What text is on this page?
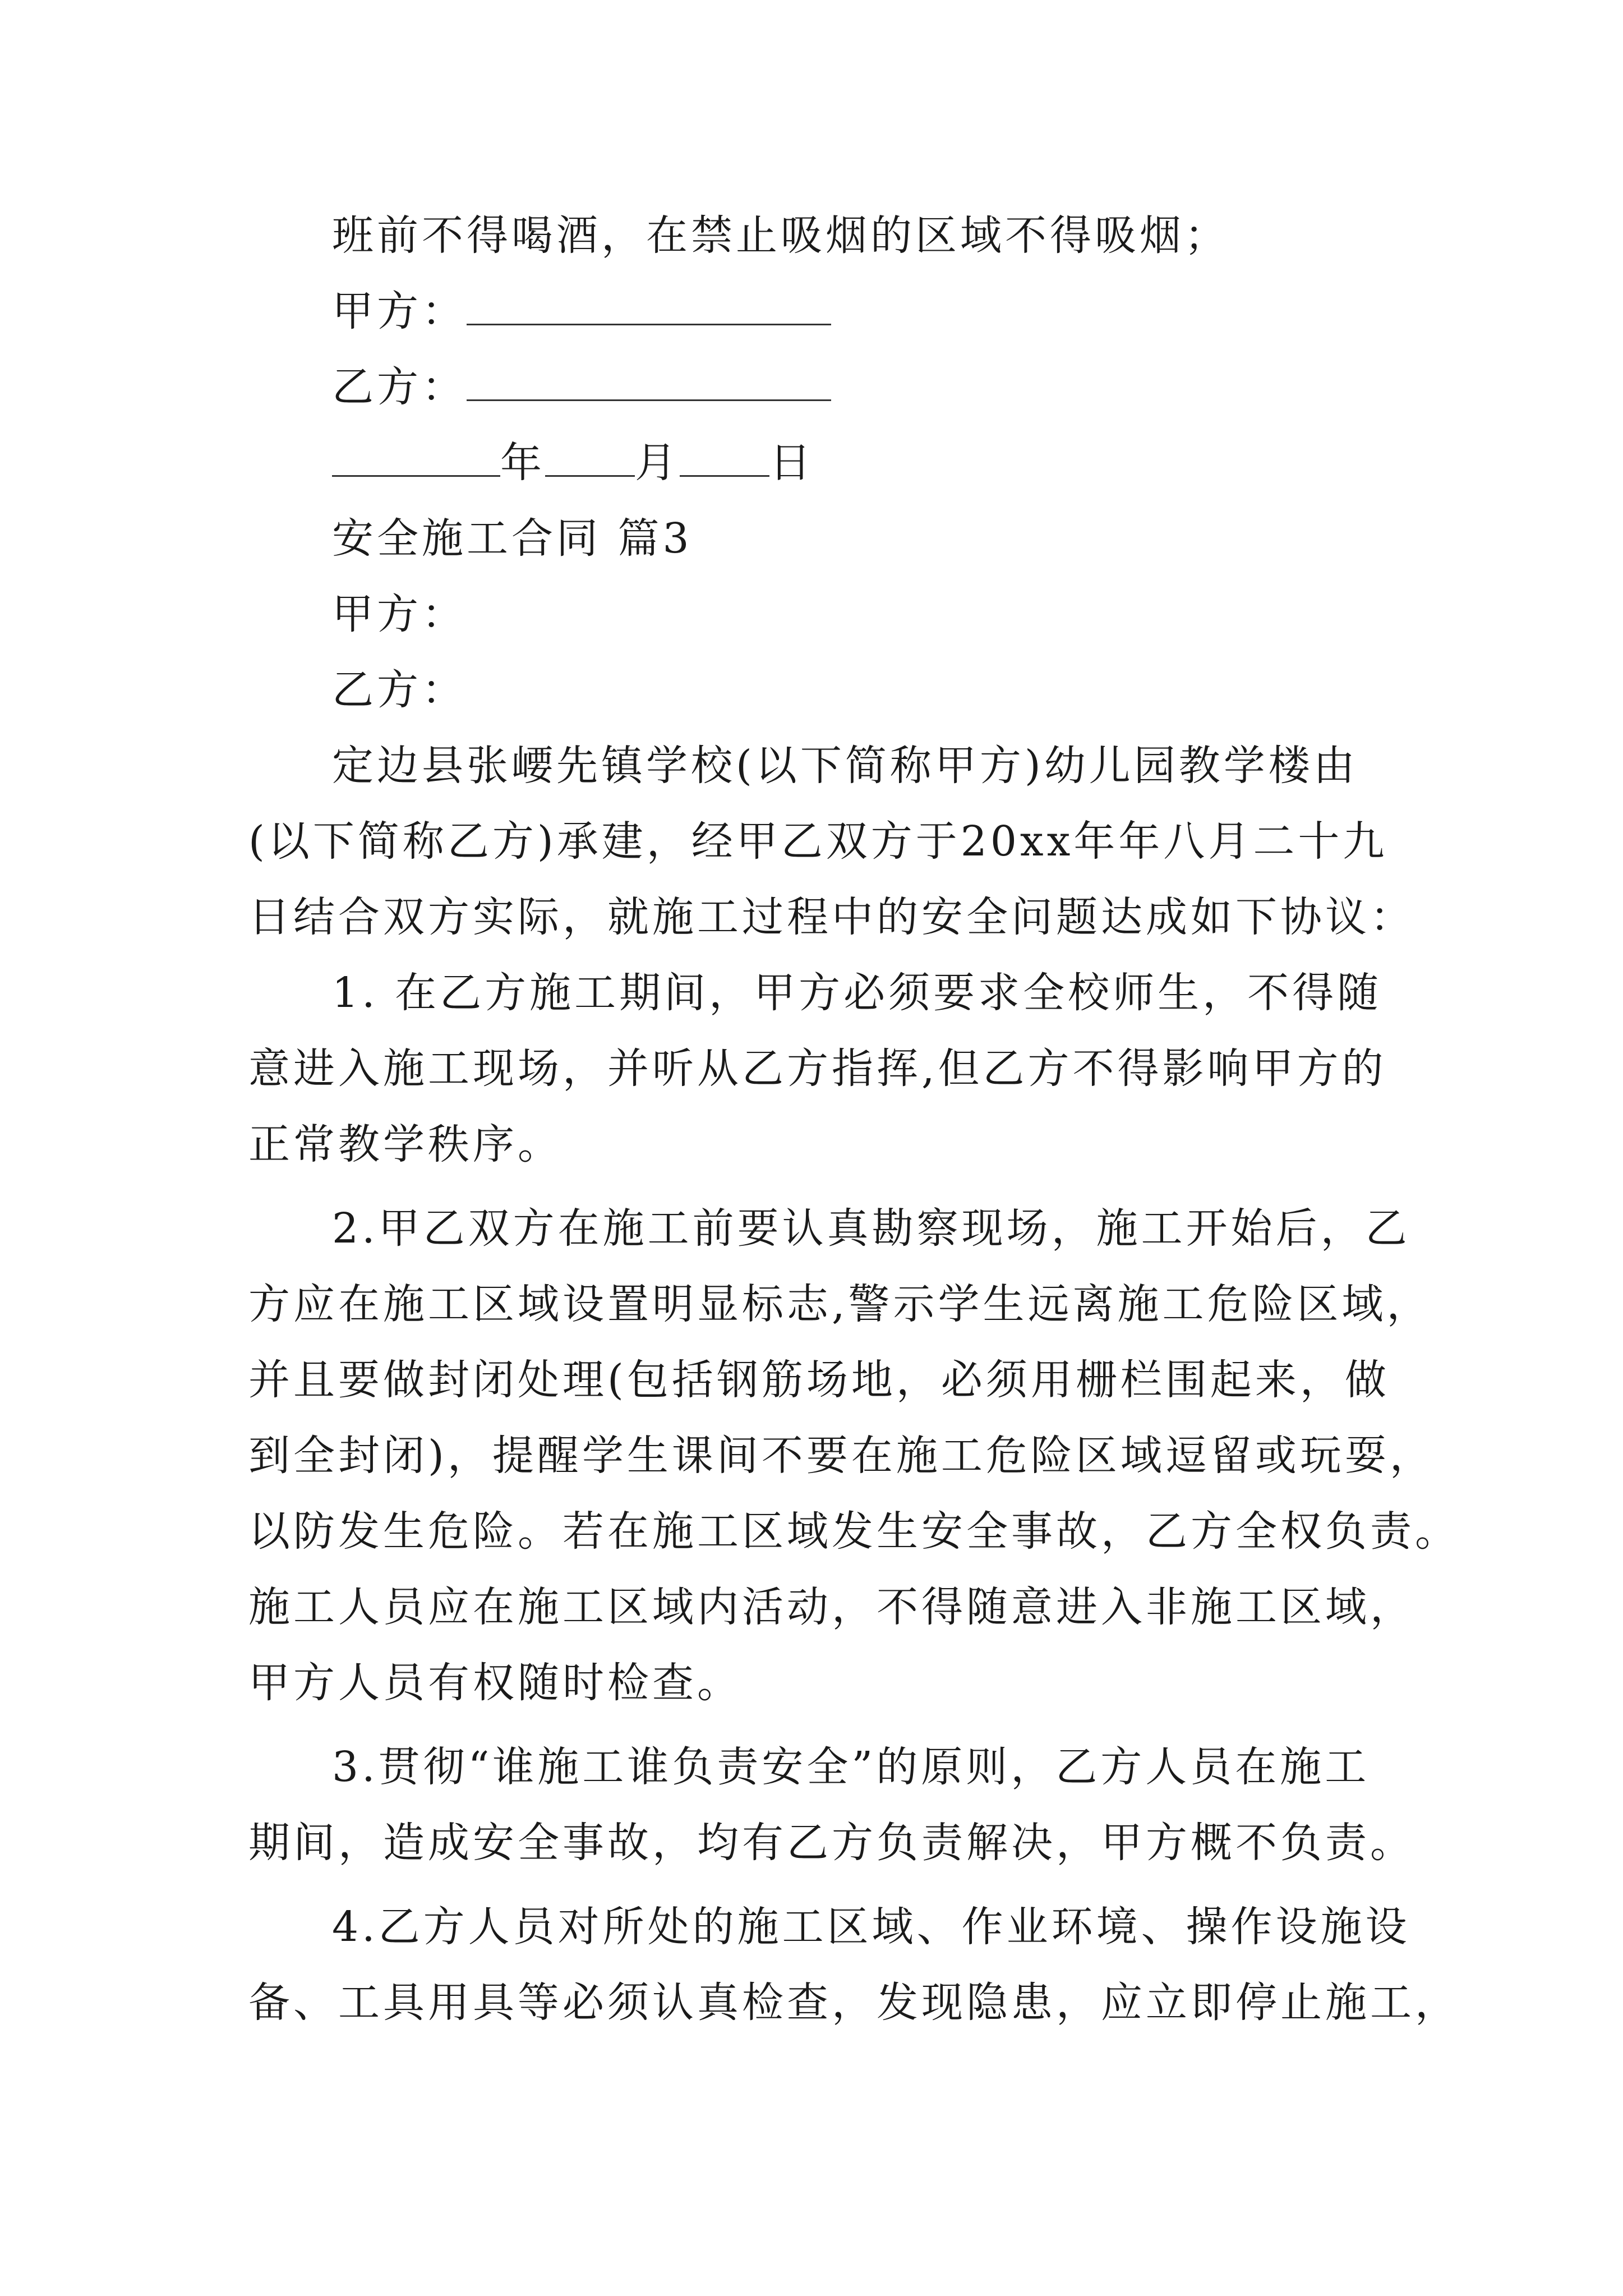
班前不得喝酒，在禁止吸烟的区域不得吸烟；
甲方：
乙方：
年 月 日
安全施工合同 篇3
甲方：
乙方：
定边县张崾先镇学校(以下简称甲方)幼儿园教学楼由
(以下简称乙方)承建，经甲乙双方于20xx年年八月二十九
日结合双方实际，就施工过程中的安全问题达成如下协议：
1. 在乙方施工期间，甲方必须要求全校师生，不得随
意进入施工现场，并听从乙方指挥,但乙方不得影响甲方的
正常教学秩序。
2.甲乙双方在施工前要认真勘察现场，施工开始后，乙
方应在施工区域设置明显标志,警示学生远离施工危险区域，
并且要做封闭处理(包括钢筋场地，必须用栅栏围起来，做
到全封闭)，提醒学生课间不要在施工危险区域逗留或玩耍，
以防发生危险。若在施工区域发生安全事故，乙方全权负责。
施工人员应在施工区域内活动，不得随意进入非施工区域，
甲方人员有权随时检查。
3.贯彻“谁施工谁负责安全”的原则，乙方人员在施工
期间，造成安全事故，均有乙方负责解决，甲方概不负责。
4.乙方人员对所处的施工区域、作业环境、操作设施设
备、工具用具等必须认真检查，发现隐患，应立即停止施工，
